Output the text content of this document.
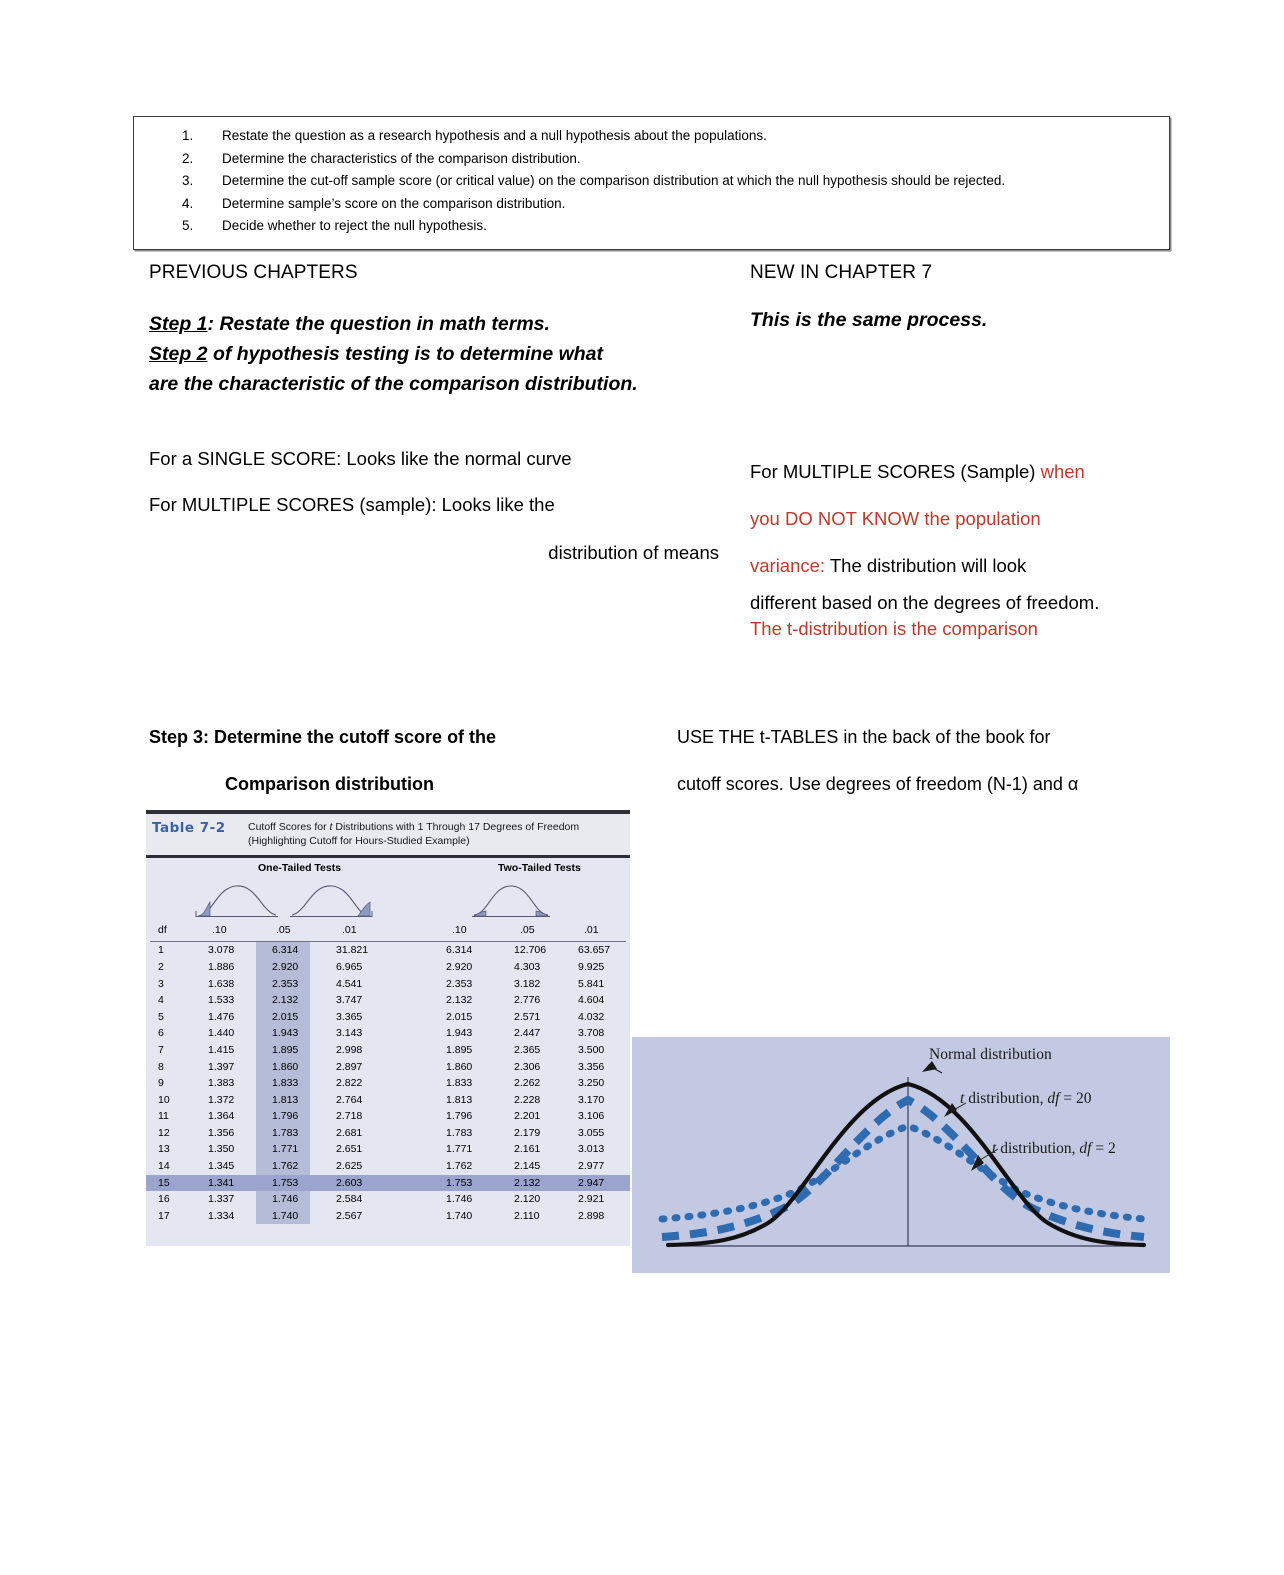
1.	Restate the question as a research hypothesis and a null hypothesis about the populations.
2.	Determine the characteristics of the comparison distribution.
3.	Determine the cut-off sample score (or critical value) on the comparison distribution at which the null hypothesis should be rejected.
4.	Determine sample’s score on the comparison distribution.
5.	Decide whether to reject the null hypothesis.
PREVIOUS CHAPTERS	NEW IN CHAPTER 7
Step 1: Restate the question in math terms.
Step 2 of hypothesis testing is to determine what
are the characteristic of the comparison distribution.
This is the same process.
For a SINGLE SCORE: Looks like the normal curve
For MULTIPLE SCORES (sample): Looks like the
distribution of means
For MULTIPLE SCORES (Sample) when
you DO NOT KNOW the population
variance: The distribution will look
different based on the degrees of freedom.
The t-distribution is the comparison
Step 3: Determine the cutoff score of the
Comparison distribution
USE THE t-TABLES in the back of the book for
cutoff scores. Use degrees of freedom (N-1) and α
Table 7-2	Cutoff Scores for t Distributions with 1 Through 17 Degrees of Freedom
(Highlighting Cutoff for Hours-Studied Example)
One-Tailed Tests	Two-Tailed Tests
df	.10	.05	.01	.10	.05	.01
1	3.078	6.314	31.821	6.314	12.706	63.657
2	1.886	2.920	6.965	2.920	4.303	9.925
3	1.638	2.353	4.541	2.353	3.182	5.841
4	1.533	2.132	3.747	2.132	2.776	4.604
5	1.476	2.015	3.365	2.015	2.571	4.032
6	1.440	1.943	3.143	1.943	2.447	3.708
7	1.415	1.895	2.998	1.895	2.365	3.500
8	1.397	1.860	2.897	1.860	2.306	3.356
9	1.383	1.833	2.822	1.833	2.262	3.250
10	1.372	1.813	2.764	1.813	2.228	3.170
11	1.364	1.796	2.718	1.796	2.201	3.106
12	1.356	1.783	2.681	1.783	2.179	3.055
13	1.350	1.771	2.651	1.771	2.161	3.013
14	1.345	1.762	2.625	1.762	2.145	2.977
15	1.341	1.753	2.603	1.753	2.132	2.947
16	1.337	1.746	2.584	1.746	2.120	2.921
17	1.334	1.740	2.567	1.740	2.110	2.898
Normal distribution
t distribution, df = 20
t distribution, df = 2
